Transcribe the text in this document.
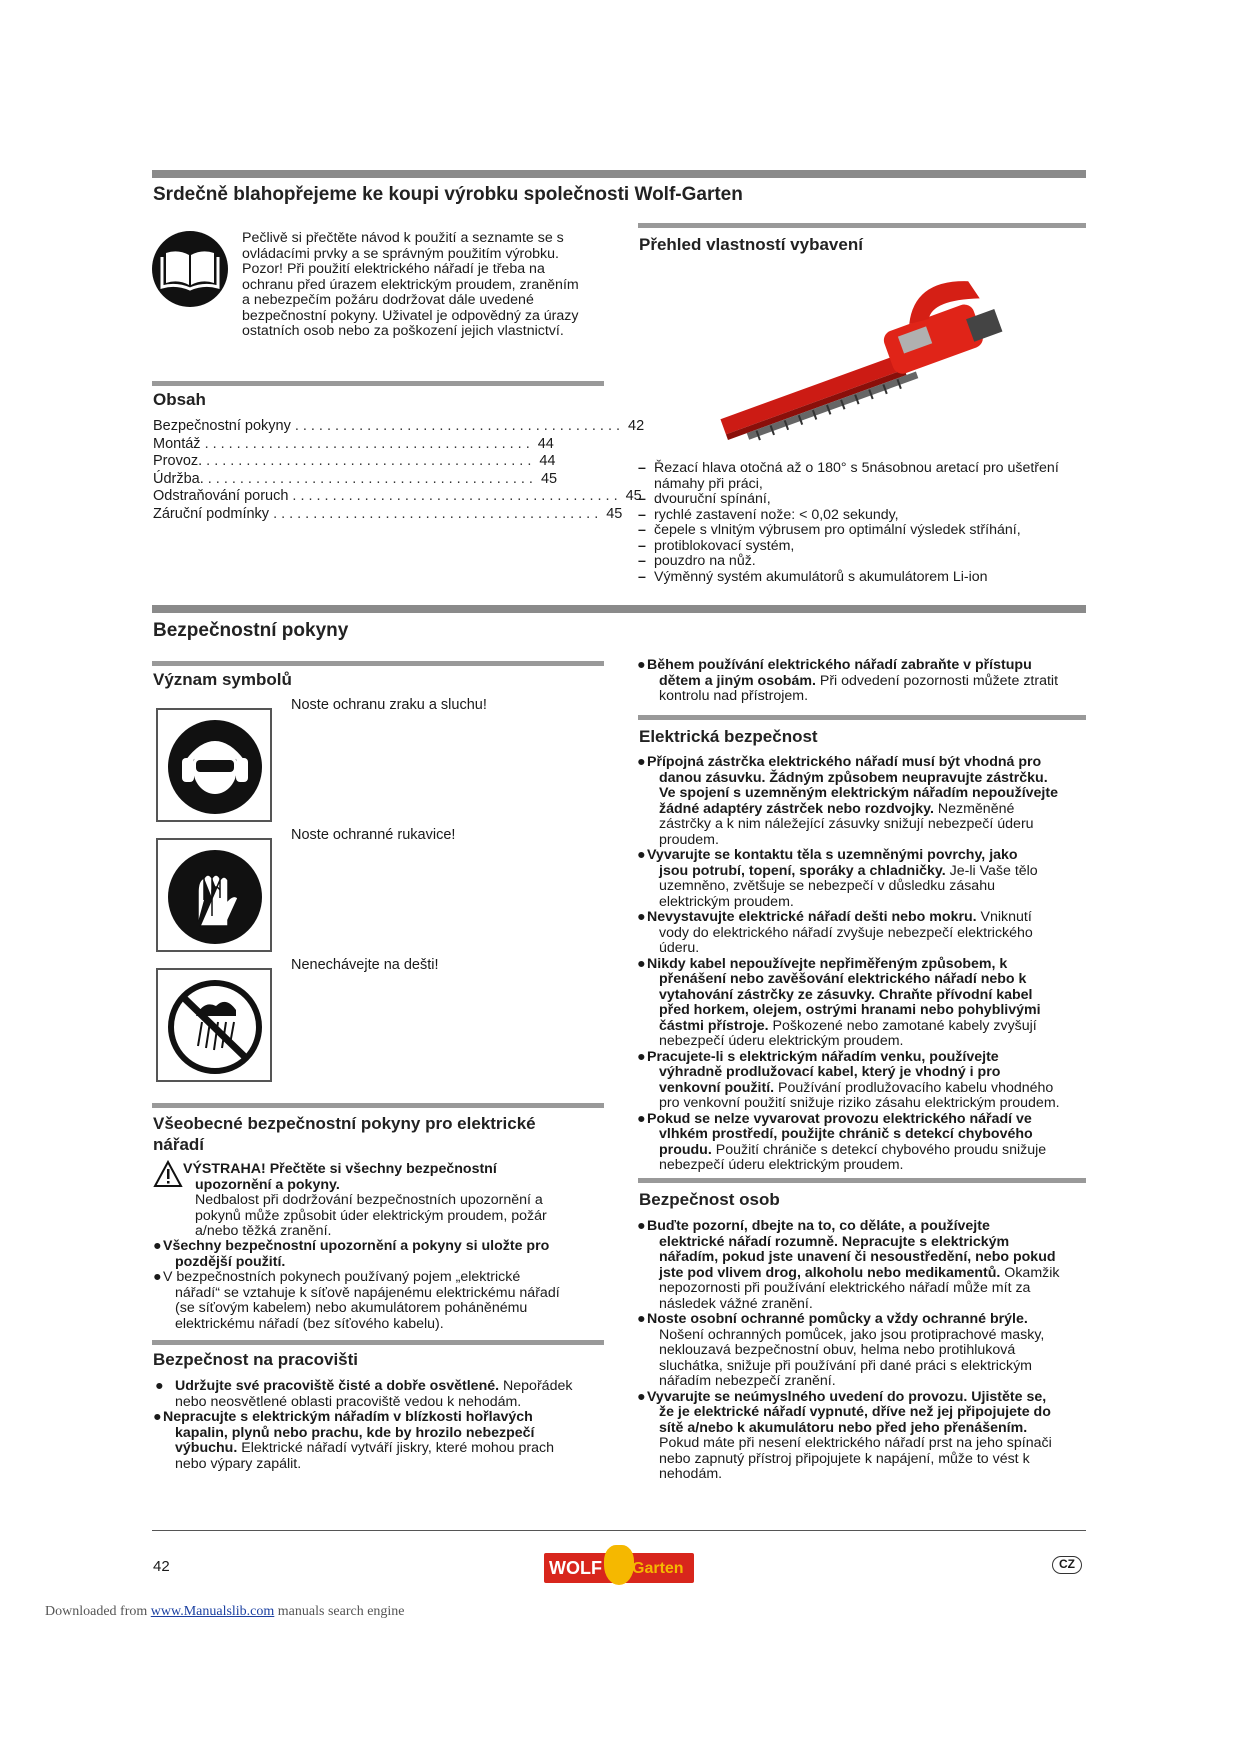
Srdečně blahopřejeme ke koupi výrobku společnosti Wolf-Garten
Pečlivě si přečtěte návod k použití a seznamte se s
ovládacími prvky a se správným použitím výrobku.
Pozor! Při použití elektrického nářadí je třeba na
ochranu před úrazem elektrickým proudem, zraněním
a nebezpečím požáru dodržovat dále uvedené
bezpečnostní pokyny. Uživatel je odpovědný za úrazy
ostatních osob nebo za poškození jejich vlastnictví.
Obsah
Bezpečnostní pokyny ......................................... 42
Montáž ......................................... 44
Provoz. ......................................... 44
Údržba. ......................................... 45
Odstraňování poruch ......................................... 45
Záruční podmínky ......................................... 45
Přehled vlastností vybavení
– Řezací hlava otočná až o 180° s 5násobnou aretací pro ušetření námahy při práci,
– dvouruční spínání,
– rychlé zastavení nože: < 0,02 sekundy,
– čepele s vlnitým výbrusem pro optimální výsledek stříhání,
– protiblokovací systém,
– pouzdro na nůž.
– Výměnný systém akumulátorů s akumulátorem Li-ion
Bezpečnostní pokyny
Význam symbolů
Noste ochranu zraku a sluchu!
Noste ochranné rukavice!
Nenechávejte na dešti!
Všeobecné bezpečnostní pokyny pro elektrické
nářadí
VÝSTRAHA! Přečtěte si všechny bezpečnostní
upozornění a pokyny.
Nedbalost při dodržování bezpečnostních upozornění a
pokynů může způsobit úder elektrickým proudem, požár
a/nebo těžká zranění.
● Všechny bezpečnostní upozornění a pokyny si uložte pro
pozdější použití.
● V bezpečnostních pokynech používaný pojem „elektrické
nářadí“ se vztahuje k síťově napájenému elektrickému nářadí
(se síťovým kabelem) nebo akumulátorem poháněnému
elektrickému nářadí (bez síťového kabelu).
Bezpečnost na pracovišti
● Udržujte své pracoviště čisté a dobře osvětlené. Nepořádek
nebo neosvětlené oblasti pracoviště vedou k nehodám.
● Nepracujte s elektrickým nářadím v blízkosti hořlavých
kapalin, plynů nebo prachu, kde by hrozilo nebezpečí
výbuchu. Elektrické nářadí vytváří jiskry, které mohou prach
nebo výpary zapálit.
● Během používání elektrického nářadí zabraňte v přístupu
dětem a jiným osobám. Při odvedení pozornosti můžete ztratit
kontrolu nad přístrojem.
Elektrická bezpečnost
● Přípojná zástrčka elektrického nářadí musí být vhodná pro
danou zásuvku. Žádným způsobem neupravujte zástrčku.
Ve spojení s uzemněným elektrickým nářadím nepoužívejte
žádné adaptéry zástrček nebo rozdvojky. Nezměněné
zástrčky a k nim náležející zásuvky snižují nebezpečí úderu
proudem.
● Vyvarujte se kontaktu těla s uzemněnými povrchy, jako
jsou potrubí, topení, sporáky a chladničky. Je-li Vaše tělo
uzemněno, zvětšuje se nebezpečí v důsledku zásahu
elektrickým proudem.
● Nevystavujte elektrické nářadí dešti nebo mokru. Vniknutí
vody do elektrického nářadí zvyšuje nebezpečí elektrického
úderu.
● Nikdy kabel nepoužívejte nepřiměřeným způsobem, k
přenášení nebo zavěšování elektrického nářadí nebo k
vytahování zástrčky ze zásuvky. Chraňte přívodní kabel
před horkem, olejem, ostrými hranami nebo pohyblivými
částmi přístroje. Poškozené nebo zamotané kabely zvyšují
nebezpečí úderu elektrickým proudem.
● Pracujete-li s elektrickým nářadím venku, používejte
výhradně prodlužovací kabel, který je vhodný i pro
venkovní použití. Používání prodlužovacího kabelu vhodného
pro venkovní použití snižuje riziko zásahu elektrickým proudem.
● Pokud se nelze vyvarovat provozu elektrického nářadí ve
vlhkém prostředí, použijte chránič s detekcí chybového
proudu. Použití chrániče s detekcí chybového proudu snižuje
nebezpečí úderu elektrickým proudem.
Bezpečnost osob
● Buďte pozorní, dbejte na to, co děláte, a používejte
elektrické nářadí rozumně. Nepracujte s elektrickým
nářadím, pokud jste unavení či nesoustředění, nebo pokud
jste pod vlivem drog, alkoholu nebo medikamentů. Okamžik
nepozornosti při používání elektrického nářadí může mít za
následek vážné zranění.
● Noste osobní ochranné pomůcky a vždy ochranné brýle.
Nošení ochranných pomůcek, jako jsou protiprachové masky,
neklouzavá bezpečnostní obuv, helma nebo protihluková
sluchátka, snižuje při používání při dané práci s elektrickým
nářadím nebezpečí zranění.
● Vyvarujte se neúmyslného uvedení do provozu. Ujistěte se,
že je elektrické nářadí vypnuté, dříve než jej připojujete do
sítě a/nebo k akumulátoru nebo před jeho přenášením.
Pokud máte při nesení elektrického nářadí prst na jeho spínači
nebo zapnutý přístroj připojujete k napájení, může to vést k
nehodám.
42	WOLF Garten	CZ
Downloaded from www.Manualslib.com manuals search engine
